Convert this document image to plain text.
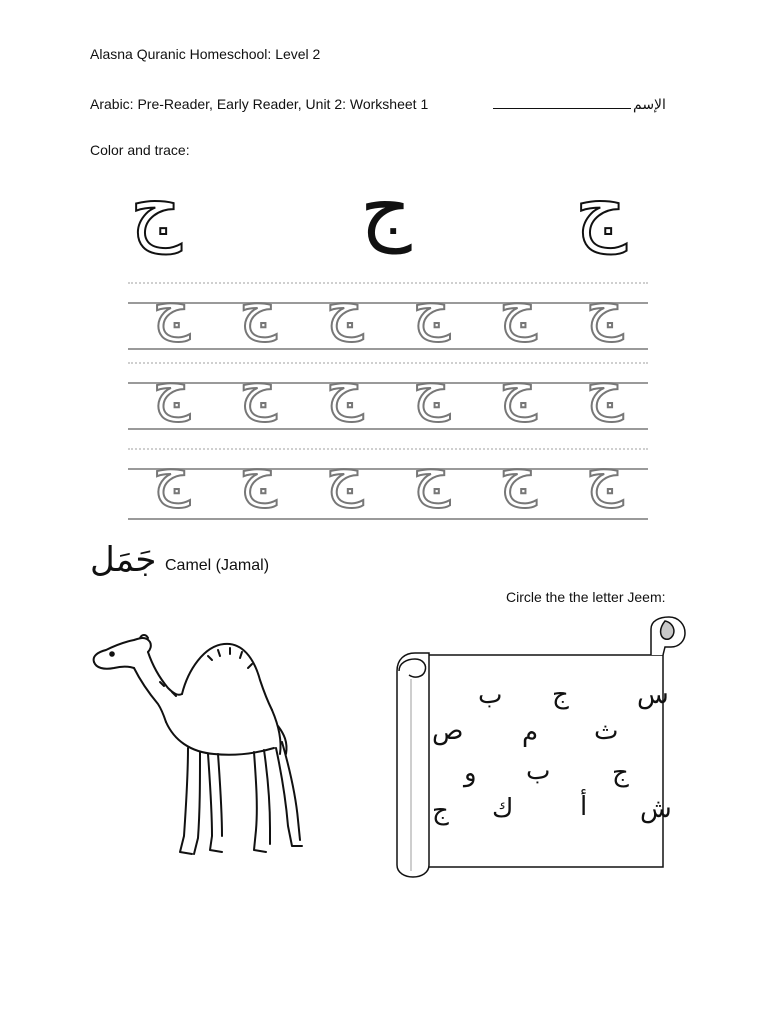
Alasna Quranic Homeschool: Level 2
Arabic: Pre-Reader, Early Reader, Unit 2: Worksheet 1	الإسم
Color and trace:
ج ج ج
ج ج ج ج ج ج
ج ج ج ج ج ج
ج ج ج ج ج ج
جَمَل Camel (Jamal)
Circle the the letter Jeem:
س
ج
ب
ث
م
ص
ج
ب
و
ش
أ
ك
ج
